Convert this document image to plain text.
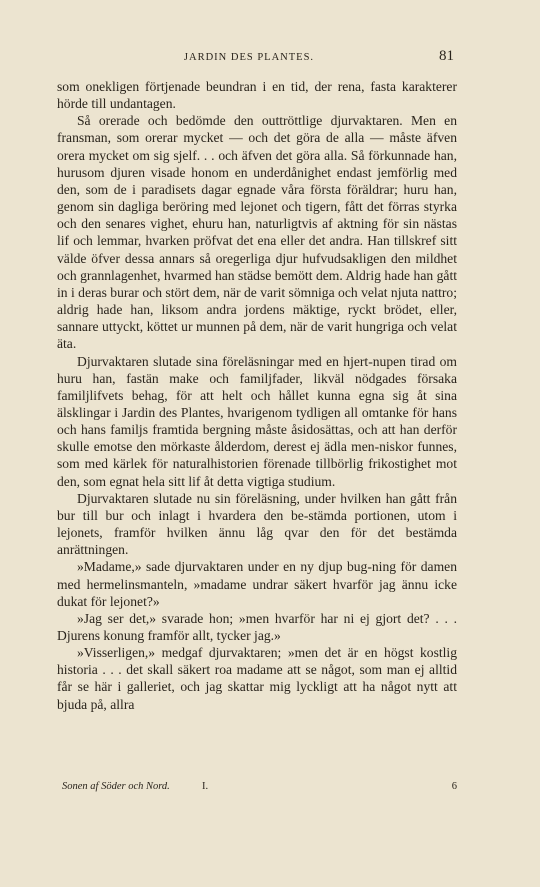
JARDIN DES PLANTES.	81

som onekligen förtjenade beundran i en tid, der rena, fasta karakterer hörde till undantagen.

Så orerade och bedömde den outtröttlige djurvaktaren. Men en fransman, som orerar mycket — och det göra de alla — måste äfven orera mycket om sig sjelf. . . och äfven det göra alla. Så förkunnade han, hurusom djuren visade honom en underdånighet endast jemförlig med den, som de i paradisets dagar egnade våra första föräldrar; huru han, genom sin dagliga beröring med lejonet och tigern, fått det förras styrka och den senares vighet, ehuru han, naturligtvis af aktning för sin nästas lif och lemmar, hvarken pröfvat det ena eller det andra. Han tillskref sitt välde öfver dessa annars så oregerliga djur hufvudsakligen den mildhet och grannlagenhet, hvarmed han städse bemött dem. Aldrig hade han gått in i deras burar och stört dem, när de varit sömniga och velat njuta nattro; aldrig hade han, liksom andra jordens mäktige, ryckt brödet, eller, sannare uttyckt, köttet ur munnen på dem, när de varit hungriga och velat äta.

Djurvaktaren slutade sina föreläsningar med en hjert-nupen tirad om huru han, fastän make och familjfader, likväl nödgades försaka familjlifvets behag, för att helt och hållet kunna egna sig åt sina älsklingar i Jardin des Plantes, hvarigenom tydligen all omtanke för hans och hans familjs framtida bergning måste åsidosättas, och att han derför skulle emotse den mörkaste ålderdom, derest ej ädla men-niskor funnes, som med kärlek för naturalhistorien förenade tillbörlig frikostighet mot den, som egnat hela sitt lif åt detta vigtiga studium.

Djurvaktaren slutade nu sin föreläsning, under hvilken han gått från bur till bur och inlagt i hvardera den be-stämda portionen, utom i lejonets, framför hvilken ännu låg qvar den för det bestämda anrättningen.

»Madame,» sade djurvaktaren under en ny djup bug-ning för damen med hermelinsmanteln, »madame undrar säkert hvarför jag ännu icke dukat för lejonet?»

»Jag ser det,» svarade hon; »men hvarför har ni ej gjort det? . . . Djurens konung framför allt, tycker jag.»

»Visserligen,» medgaf djurvaktaren; »men det är en högst kostlig historia . . . det skall säkert roa madame att se något, som man ej alltid får se här i galleriet, och jag skattar mig lyckligt att ha något nytt att bjuda på, allra

Sonen af Söder och Nord.	I.	6
